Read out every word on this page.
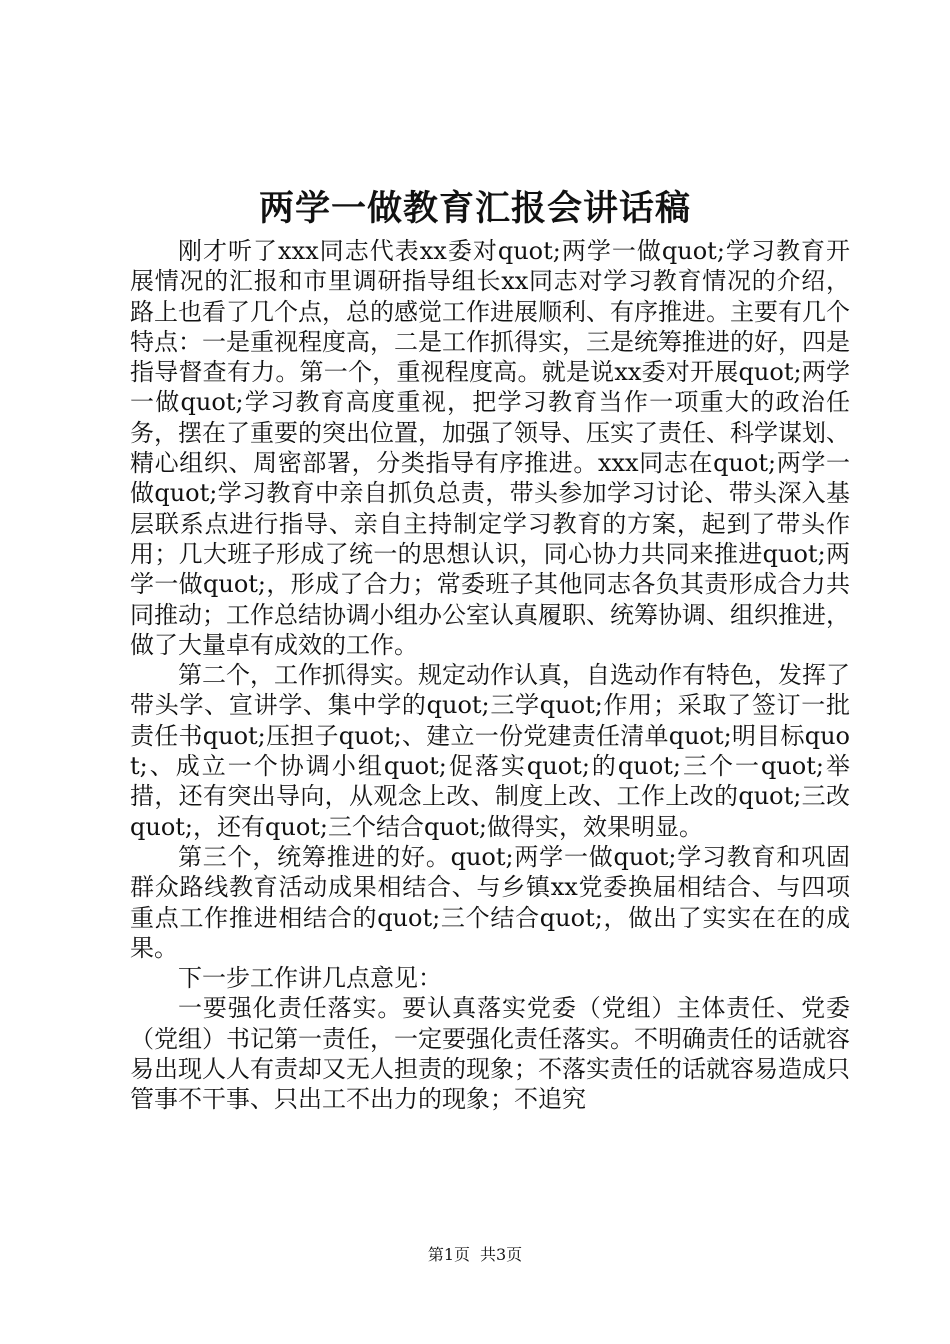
两学一做教育汇报会讲话稿

刚才听了xxx同志代表xx委对quot;两学一做quot;学习教育开展情况的汇报和市里调研指导组长xx同志对学习教育情况的介绍，路上也看了几个点，总的感觉工作进展顺利、有序推进。主要有几个特点：一是重视程度高，二是工作抓得实，三是统筹推进的好，四是指导督查有力。第一个，重视程度高。就是说xx委对开展quot;两学一做quot;学习教育高度重视，把学习教育当作一项重大的政治任务，摆在了重要的突出位置，加强了领导、压实了责任、科学谋划、精心组织、周密部署，分类指导有序推进。xxx同志在quot;两学一做quot;学习教育中亲自抓负总责，带头参加学习讨论、带头深入基层联系点进行指导、亲自主持制定学习教育的方案，起到了带头作用；几大班子形成了统一的思想认识，同心协力共同来推进quot;两学一做quot;，形成了合力；常委班子其他同志各负其责形成合力共同推动；工作总结协调小组办公室认真履职、统筹协调、组织推进，做了大量卓有成效的工作。

第二个，工作抓得实。规定动作认真，自选动作有特色，发挥了带头学、宣讲学、集中学的quot;三学quot;作用；采取了签订一批责任书quot;压担子quot;、建立一份党建责任清单quot;明目标quot;、成立一个协调小组quot;促落实quot;的quot;三个一quot;举措，还有突出导向，从观念上改、制度上改、工作上改的quot;三改quot;，还有quot;三个结合quot;做得实，效果明显。

第三个，统筹推进的好。quot;两学一做quot;学习教育和巩固群众路线教育活动成果相结合、与乡镇xx党委换届相结合、与四项重点工作推进相结合的quot;三个结合quot;，做出了实实在在的成果。

下一步工作讲几点意见：

一要强化责任落实。要认真落实党委（党组）主体责任、党委（党组）书记第一责任，一定要强化责任落实。不明确责任的话就容易出现人人有责却又无人担责的现象；不落实责任的话就容易造成只管事不干事、只出工不出力的现象；不追究

第1页 共3页
